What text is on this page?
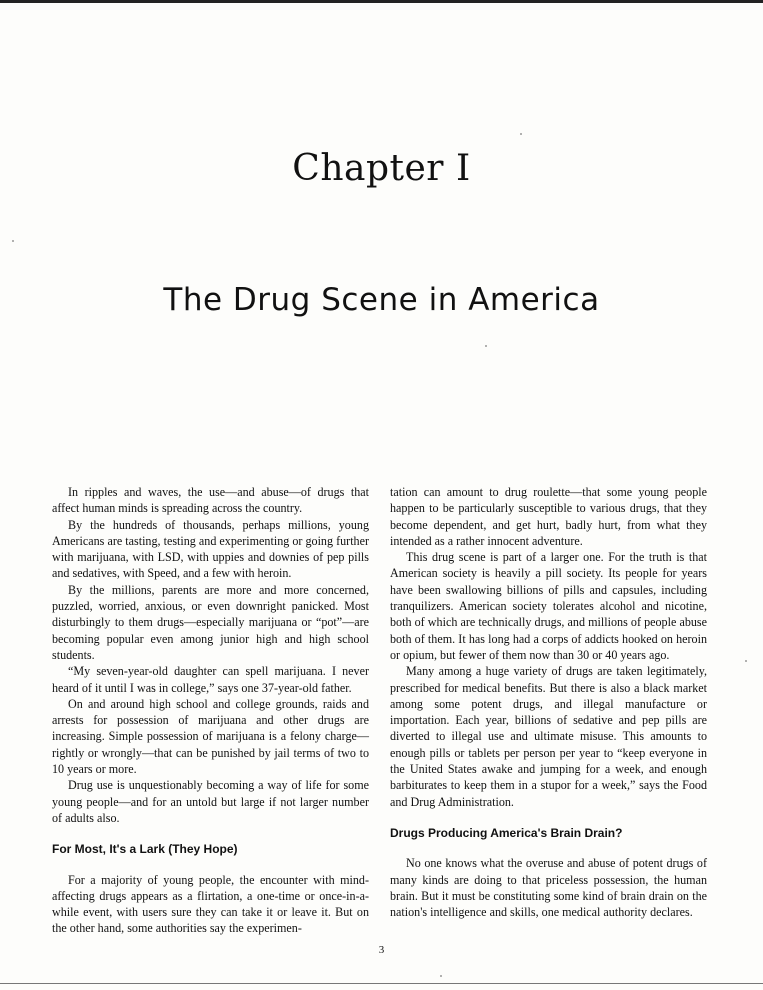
Chapter I
The Drug Scene in America

In ripples and waves, the use—and abuse—of drugs that affect human minds is spreading across the country.

By the hundreds of thousands, perhaps millions, young Americans are tasting, testing and experimenting or going further with marijuana, with LSD, with uppies and downies of pep pills and sedatives, with Speed, and a few with heroin.

By the millions, parents are more and more concerned, puzzled, worried, anxious, or even downright panicked. Most disturbingly to them drugs—especially marijuana or “pot”—are becoming popular even among junior high and high school students.

“My seven-year-old daughter can spell marijuana. I never heard of it until I was in college,” says one 37-year-old father.

On and around high school and college grounds, raids and arrests for possession of marijuana and other drugs are increasing. Simple possession of marijuana is a felony charge—rightly or wrongly—that can be punished by jail terms of two to 10 years or more.

Drug use is unquestionably becoming a way of life for some young people—and for an untold but large if not larger number of adults also.

For Most, It's a Lark (They Hope)

For a majority of young people, the encounter with mind-affecting drugs appears as a flirtation, a one-time or once-in-a-while event, with users sure they can take it or leave it. But on the other hand, some authorities say the experimen-

tation can amount to drug roulette—that some young people happen to be particularly susceptible to various drugs, that they become dependent, and get hurt, badly hurt, from what they intended as a rather innocent adventure.

This drug scene is part of a larger one. For the truth is that American society is heavily a pill society. Its people for years have been swallowing billions of pills and capsules, including tranquilizers. American society tolerates alcohol and nicotine, both of which are technically drugs, and millions of people abuse both of them. It has long had a corps of addicts hooked on heroin or opium, but fewer of them now than 30 or 40 years ago.

Many among a huge variety of drugs are taken legitimately, prescribed for medical benefits. But there is also a black market among some potent drugs, and illegal manufacture or importation. Each year, billions of sedative and pep pills are diverted to illegal use and ultimate misuse. This amounts to enough pills or tablets per person per year to “keep everyone in the United States awake and jumping for a week, and enough barbiturates to keep them in a stupor for a week,” says the Food and Drug Administration.

Drugs Producing America's Brain Drain?

No one knows what the overuse and abuse of potent drugs of many kinds are doing to that priceless possession, the human brain. But it must be constituting some kind of brain drain on the nation's intelligence and skills, one medical authority declares.

3
